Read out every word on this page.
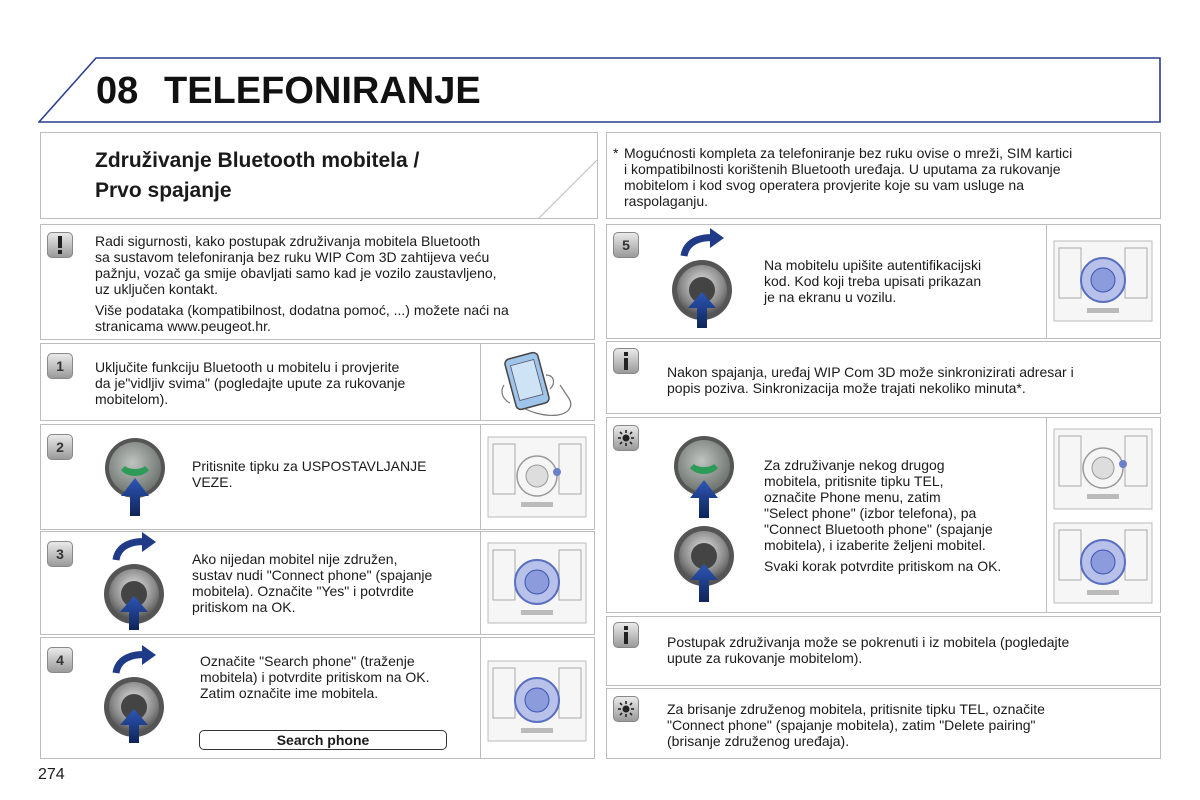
08 TELEFONIRANJE
Združivanje Bluetooth mobitela /
Prvo spajanje
* Mogućnosti kompleta za telefoniranje bez ruku ovise o mreži, SIM kartici
i kompatibilnosti korištenih Bluetooth uređaja. U uputama za rukovanje
mobitelom i kod svog operatera provjerite koje su vam usluge na
raspolaganju.
Radi sigurnosti, kako postupak združivanja mobitela Bluetooth
sa sustavom telefoniranja bez ruku WIP Com 3D zahtijeva veću
pažnju, vozač ga smije obavljati samo kad je vozilo zaustavljeno,
uz uključen kontakt.
Više podataka (kompatibilnost, dodatna pomoć, ...) možete naći na
stranicama www.peugeot.hr.
1	Uključite funkciju Bluetooth u mobitelu i provjerite
da je"vidljiv svima" (pogledajte upute za rukovanje
mobitelom).
2
Pritisnite tipku za USPOSTAVLJANJE
VEZE.
3	Ako nijedan mobitel nije združen,
sustav nudi "Connect phone" (spajanje
mobitela). Označite "Yes" i potvrdite
pritiskom na OK.
4	Označite "Search phone" (traženje
mobitela) i potvrdite pritiskom na OK.
Zatim označite ime mobitela.
Search phone
5
Na mobitelu upišite autentifikacijski
kod. Kod koji treba upisati prikazan
je na ekranu u vozilu.
Nakon spajanja, uređaj WIP Com 3D može sinkronizirati adresar i
popis poziva. Sinkronizacija može trajati nekoliko minuta*.
Za združivanje nekog drugog
mobitela, pritisnite tipku TEL,
označite Phone menu, zatim
"Select phone" (izbor telefona), pa
"Connect Bluetooth phone" (spajanje
mobitela), i izaberite željeni mobitel.
Svaki korak potvrdite pritiskom na OK.
Postupak združivanja može se pokrenuti i iz mobitela (pogledajte
upute za rukovanje mobitelom).
Za brisanje združenog mobitela, pritisnite tipku TEL, označite
"Connect phone" (spajanje mobitela), zatim "Delete pairing"
(brisanje združenog uređaja).
274
